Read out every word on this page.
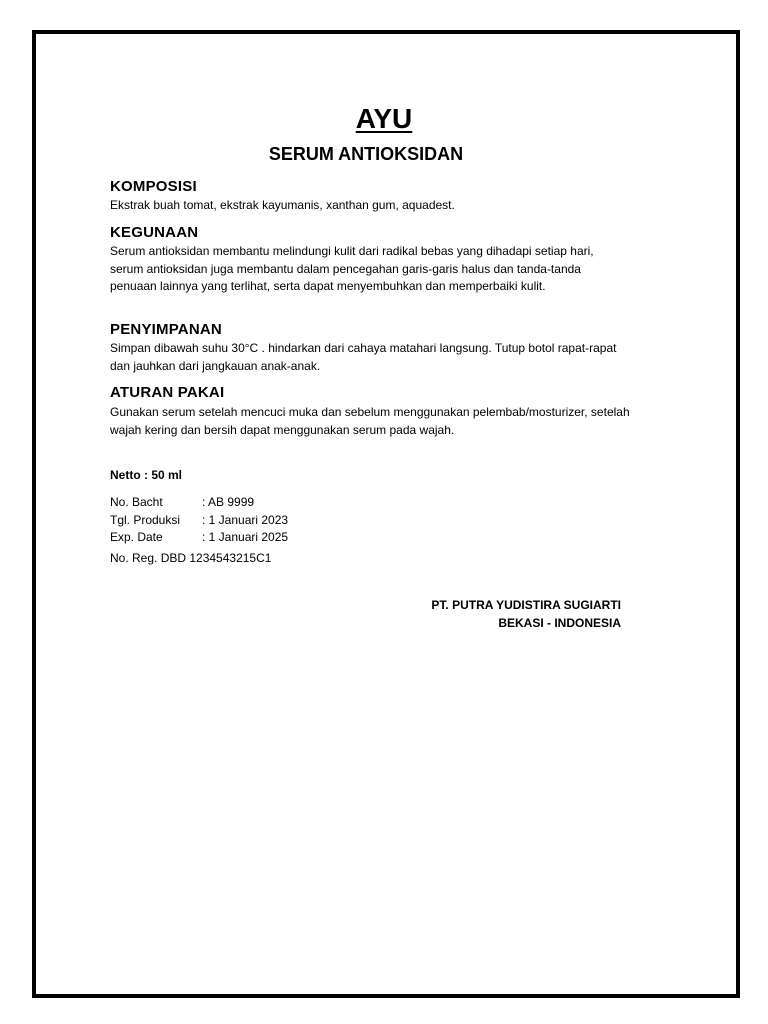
AYU
SERUM ANTIOKSIDAN
KOMPOSISI
Ekstrak buah tomat, ekstrak kayumanis, xanthan gum, aquadest.
KEGUNAAN
Serum antioksidan membantu melindungi kulit dari radikal bebas yang dihadapi setiap hari, serum antioksidan juga membantu dalam pencegahan garis-garis halus dan tanda-tanda penuaan lainnya yang terlihat, serta dapat menyembuhkan dan memperbaiki kulit.
PENYIMPANAN
Simpan dibawah suhu 30°C . hindarkan dari cahaya matahari langsung. Tutup botol rapat-rapat dan jauhkan dari jangkauan anak-anak.
ATURAN PAKAI
Gunakan serum setelah mencuci muka dan sebelum menggunakan pelembab/mosturizer, setelah wajah kering dan bersih dapat menggunakan serum pada wajah.
Netto : 50 ml
No. Bacht	: AB 9999
Tgl. Produksi : 1 Januari 2023
Exp. Date	: 1 Januari 2025
No. Reg. DBD 1234543215C1
PT. PUTRA YUDISTIRA SUGIARTI
BEKASI - INDONESIA
